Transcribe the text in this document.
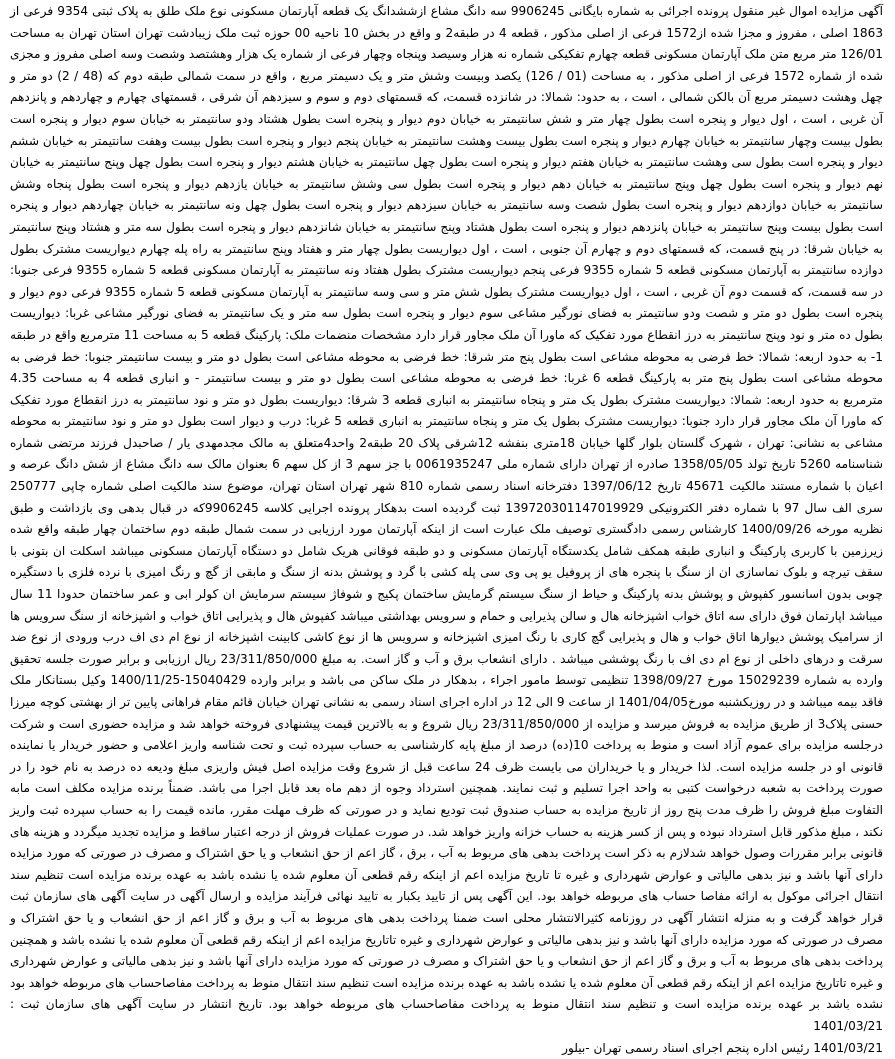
آگهی مزایده اموال غیر منقول پرونده اجرائی به شماره بایگانی 9906245 سه دانگ مشاع ازششدانگ یک قطعه آپارتمان مسکونی نوع ملک طلق به پلاک ثبتی 9354 فرعی از 1863 اصلی ، مفروز و مجزا شده از1572 فرعی از اصلی مذکور ، قطعه 4 در طبقه2 و واقع در بخش 10 ناحیه 00 حوزه ثبت ملک زیبادشت تهران استان تهران به مساحت 126/01 متر مربع متن ملک آپارتمان مسکونی قطعه چهارم تفکیکی شماره نه هزار وسیصد وپنجاه وچهار فرعی از شماره یک هزار وهشتصد وشصت وسه اصلی مفروز و مجزی شده از شماره 1572 فرعی از اصلی مذکور ، به مساحت (01 / 126) یکصد وبیست وشش متر و یک دسیمتر مربع ، واقع در سمت شمالی طبقه دوم که (48 / 2) دو متر و چهل وهشت دسیمتر مربع آن بالکن شمالی ، است ، به حدود: شمالا: در شانزده قسمت، که قسمتهای دوم و سوم و سیزدهم آن شرقی ، قسمتهای چهارم و چهاردهم و پانزدهم آن غربی ، است ، اول دیوار و پنجره است بطول چهار متر و شش سانتیمتر به خیابان دوم دیوار و پنجره است بطول هشتاد ودو سانتیمتر به خیابان سوم دیوار و پنجره است بطول بیست وچهار سانتیمتر به خیابان چهارم دیوار و پنجره است بطول بیست وهشت سانتیمتر به خیابان پنجم دیوار و پنجره است بطول بیست وهفت سانتیمتر به خیابان ششم دیوار و پنجره است بطول سی وهشت سانتیمتر به خیابان هفتم دیوار و پنجره است بطول چهل سانتیمتر به خیابان هشتم دیوار و پنجره است بطول چهل وپنج سانتیمتر به خیابان نهم دیوار و پنجره است بطول چهل وپنج سانتیمتر به خیابان دهم دیوار و پنجره است بطول سی وشش سانتیمتر به خیابان یازدهم دیوار و پنجره است بطول پنجاه وشش سانتیمتر به خیابان دوازدهم دیوار و پنجره است بطول شصت وسه سانتیمتر به خیابان سیزدهم دیوار و پنجره است بطول چهل ونه سانتیمتر به خیابان چهاردهم دیوار و پنجره است بطول بیست وپنج سانتیمتر به خیابان پانزدهم دیوار و پنجره است بطول هشتاد وپنج سانتیمتر به خیابان شانزدهم دیوار و پنجره است بطول سه متر و هشتاد وپنج سانتیمتر به خیابان شرقا: در پنج قسمت، که قسمتهای دوم و چهارم آن جنوبی ، است ، اول دیواریست بطول چهار متر و هفتاد وپنج سانتیمتر به راه پله چهارم دیواریست مشترک بطول دوازده سانتیمتر به آپارتمان مسکونی قطعه 5 شماره 9355 فرعی پنجم دیواریست مشترک بطول هفتاد ونه سانتیمتر به آپارتمان مسکونی قطعه 5 شماره 9355 فرعی جنوبا: در سه قسمت، که قسمت دوم آن غربی ، است ، اول دیواریست مشترک بطول شش متر و سی وسه سانتیمتر به آپارتمان مسکونی قطعه 5 شماره 9355 فرعی دوم دیوار و پنجره است بطول دو متر و شصت ودو سانتیمتر به فضای نورگیر مشاعی سوم دیوار و پنجره است بطول سه متر و یک سانتیمتر به فضای نورگیر مشاعی غربا: دیواریست بطول ده متر و نود وپنج سانتیمتر به درز انقطاع مورد تفکیک که ماورا آن ملک مجاور قرار دارد مشخصات منضمات ملک: پارکینگ قطعه 5 به مساحت 11 مترمربع واقع در طبقه 1- به حدود اربعه: شمالا: خط فرضی به محوطه مشاعی است بطول پنج متر شرقا: خط فرضی به محوطه مشاعی است بطول دو متر و بیست سانتیمتر جنوبا: خط فرضی به محوطه مشاعی است بطول پنج متر به پارکینگ قطعه 6 غربا: خط فرضی به محوطه مشاعی است بطول دو متر و بیست سانتیمتر - و انباری قطعه 4 به مساحت 4.35 مترمربع به حدود اربعه: شمالا: دیواریست مشترک بطول یک متر و پنجاه سانتیمتر به انباری قطعه 3 شرقا: دیواریست بطول دو متر و نود سانتیمتر به درز انقطاع مورد تفکیک که ماورا آن ملک مجاور قرار دارد جنوبا: دیواریست مشترک بطول یک متر و پنجاه سانتیمتر به انباری قطعه 5 غربا: درب و دیوار است بطول دو متر و نود سانتیمتر به محوطه مشاعی به نشانی: تهران ، شهرک گلستان بلوار گلها خیابان 18متری بنفشه 12شرقی پلاک 20 طبقه2 واحد4متعلق به مالک مجدمهدی یار / صاحبدل فرزند مرتضی شماره شناسنامه 5260 تاریخ تولد 1358/05/05 صادره از تهران دارای شماره ملی 0061935247 با جز سهم 3 از کل سهم 6 بعنوان مالک سه دانگ مشاع از شش دانگ عرصه و اعیان با شماره مستند مالکیت 45671 تاریخ 1397/06/12 دفترخانه اسناد رسمی شماره 810 شهر تهران استان تهران، موضوع سند مالکیت اصلی شماره چاپی 250777 سری الف سال 97 با شماره دفتر الکترونیکی 139720301147019929 ثبت گردیده است بدهکار پرونده اجرایی کلاسه 9906245که در قبال بدهی وی بازداشت و طبق نظریه مورخه 1400/09/26 کارشناس رسمی دادگستری توصیف ملک عبارت است از اینکه آپارتمان مورد ارزیابی در سمت شمال طبقه دوم ساختمان چهار طبقه واقع شده زیرزمین با کاربری پارکینگ و انباری طبقه همکف شامل یکدستگاه آپارتمان مسکونی و دو طبقه فوقانی هریک شامل دو دستگاه آپارتمان مسکونی میباشد اسکلت ان بتونی با سقف تیرچه و بلوک نماسازی ان از سنگ با پنجره های از پروفیل یو پی وی سی پله کشی با گرد و پوشش بدنه از سنگ و مابقی از گچ و رنگ امیزی با نرده فلزی با دستگیره چوبی بدون اسانسور کفپوش و پوشش بدنه پارکینگ و حیاط از سنگ سیستم گرمایش ساختمان پکیج و شوفاژ سیستم سرمایش ان کولر ابی و عمر ساختمان حدودا 11 سال میباشد اپارتمان فوق دارای سه اتاق خواب اشپزخانه هال و سالن پذیرایی و حمام و سرویس بهداشتی میباشد کفپوش هال و پذیرایی اتاق خواب و اشپزخانه از سنگ سرویس ها از سرامیک پوشش دیوارها اتاق خواب و هال و پذیرایی گچ کاری با رنگ امیزی اشپزخانه و سرویس ها از نوع کاشی کابینت اشپزخانه از نوع ام دی اف درب ورودی از نوع ضد سرقت و درهای داخلی از نوع ام دی اف با رنگ پوششی میباشد . دارای انشعاب برق و آب و گاز است. به مبلغ 23/311/850/000 ریال ارزیابی و برابر صورت جلسه تحقیق وارده به شماره 15029239 مورخ 1398/09/27 تنظیمی توسط مامور اجراء ، بدهکار در ملک ساکن می باشد و برابر وارده 15040429-1400/11/25 وکیل بستانکار ملک فاقد بیمه میباشد و در روزیکشنبه مورخ1401/04/05 از ساعت 9 الی 12 در اداره اجرای اسناد رسمی به نشانی تهران خیابان قائم مقام فراهانی پایین تر از بهشتی کوچه میرزا حسنی پلاک3 از طریق مزایده به فروش میرسد و مزایده از 23/311/850/000 ریال شروع و به بالاترین قیمت پیشنهادی فروخته خواهد شد و مزایده حضوری است و شرکت درجلسه مزایده برای عموم آزاد است و منوط به پرداخت 10(ده) درصد از مبلغ پایه کارشناسی به حساب سپرده ثبت و تحت شناسه واریز اعلامی و حضور خریدار یا نماینده قانونی او در جلسه مزایده است. لذا خریدار و یا خریداران می بایست ظرف 24 ساعت قبل از شروع وقت مزایده اصل فیش واریزی مبلغ ودیعه ده درصد به نام خود را در صورت پرداخت به شعبه درخواست کتبی به واحد اجرا تسلیم و ثبت نمایند. همچنین استرداد وجوه از دهم ماه بعد قابل اجرا می باشد. ضمناً برنده مزایده مکلف است مابه التفاوت مبلغ فروش را ظرف مدت پنج روز از تاریخ مزایده به حساب صندوق ثبت تودیع نماید و در صورتی که ظرف مهلت مقرر، مانده قیمت را به حساب سپرده ثبت واریز نکند ، مبلغ مذکور قابل استرداد نبوده و پس از کسر هزینه به حساب خزانه واریز خواهد شد. در صورت عملیات فروش از درجه اعتبار ساقط و مزایده تجدید میگردد و هزینه های قانونی برابر مقررات وصول خواهد شدلازم به ذکر است پرداخت بدهی های مربوط به آب ، برق ، گاز اعم از حق انشعاب و یا حق اشتراک و مصرف در صورتی که مورد مزایده دارای آنها باشد و نیز بدهی مالیاتی و عوارض شهرداری و غیره تا تاریخ مزایده اعم از اینکه رقم قطعی آن معلوم شده یا نشده باشد به عهده برنده مزایده است تنظیم سند انتقال اجرائی موکول به ارائه مفاصا حساب های مربوطه خواهد بود. این آگهی پس از تایید یکبار به تایید نهائی فرآیند مزایده و ارسال آگهی در سایت آگهی های سازمان ثبت قرار خواهد گرفت و به منزله انتشار آگهی در روزنامه کثیرالانتشار محلی است ضمنا پرداخت بدهی های مربوط به آب و برق و گاز اعم از حق انشعاب و یا حق اشتراک و مصرف در صورتی که مورد مزایده دارای آنها باشد و نیز بدهی مالیاتی و عوارض شهرداری و غیره تاتاریخ مزایده اعم از اینکه رقم قطعی آن معلوم شده یا نشده باشد و همچنین پرداخت بدهی های مربوط به آب و برق و گاز اعم از حق انشعاب و یا حق اشتراک و مصرف در صورتی که مورد مزایده دارای آنها باشد و نیز بدهی مالیاتی و عوارض شهرداری و غیره تاتاریخ مزایده اعم از اینکه رقم قطعی آن معلوم شده یا نشده باشد به عهده برنده مزایده است تنظیم سند انتقال منوط به پرداخت مفاصاحساب های مربوطه خواهد بود نشده باشد بر عهده برنده مزایده است و تنظیم سند انتقال منوط به پرداخت مفاصاحساب های مربوطه خواهد بود. تاریخ انتشار در سایت آگهی های سازمان ثبت : 1401/03/21

1401/03/21 رئیس اداره پنجم اجرای اسناد رسمی تهران -بیلور
